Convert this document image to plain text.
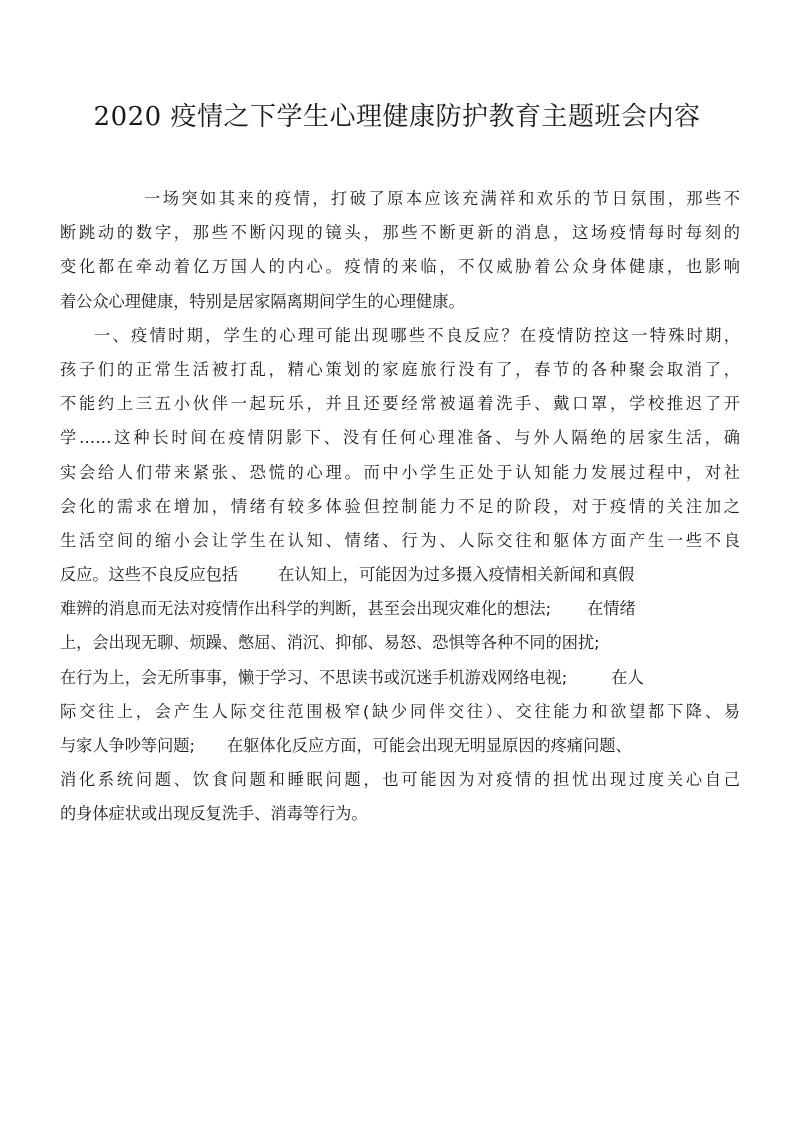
2020 疫情之下学生心理健康防护教育主题班会内容
一场突如其来的疫情，打破了原本应该充满祥和欢乐的节日氛围，那些不
断跳动的数字，那些不断闪现的镜头，那些不断更新的消息，这场疫情每时每刻的
变化都在牵动着亿万国人的内心。疫情的来临，不仅威胁着公众身体健康，也影响
着公众心理健康，特别是居家隔离期间学生的心理健康。
一、疫情时期，学生的心理可能出现哪些不良反应？在疫情防控这一特殊时期，
孩子们的正常生活被打乱，精心策划的家庭旅行没有了，春节的各种聚会取消了，
不能约上三五小伙伴一起玩乐，并且还要经常被逼着洗手、戴口罩，学校推迟了开
学……这种长时间在疫情阴影下、没有任何心理准备、与外人隔绝的居家生活，确
实会给人们带来紧张、恐慌的心理。而中小学生正处于认知能力发展过程中，对社
会化的需求在增加，情绪有较多体验但控制能力不足的阶段，对于疫情的关注加之
生活空间的缩小会让学生在认知、情绪、行为、人际交往和躯体方面产生一些不良
反应。这些不良反应包括 在认知上，可能因为过多摄入疫情相关新闻和真假
难辨的消息而无法对疫情作出科学的判断，甚至会出现灾难化的想法; 在情绪
上，会出现无聊、烦躁、憋屈、消沉、抑郁、易怒、恐惧等各种不同的困扰;
在行为上，会无所事事，懒于学习、不思读书或沉迷手机游戏网络电视;	在人
际交往上，会产生人际交往范围极窄(缺少同伴交往）、交往能力和欲望都下降、易
与家人争吵等问题; 在躯体化反应方面，可能会出现无明显原因的疼痛问题、
消化系统问题、饮食问题和睡眠问题，也可能因为对疫情的担忧出现过度关心自己
的身体症状或出现反复洗手、消毒等行为。
